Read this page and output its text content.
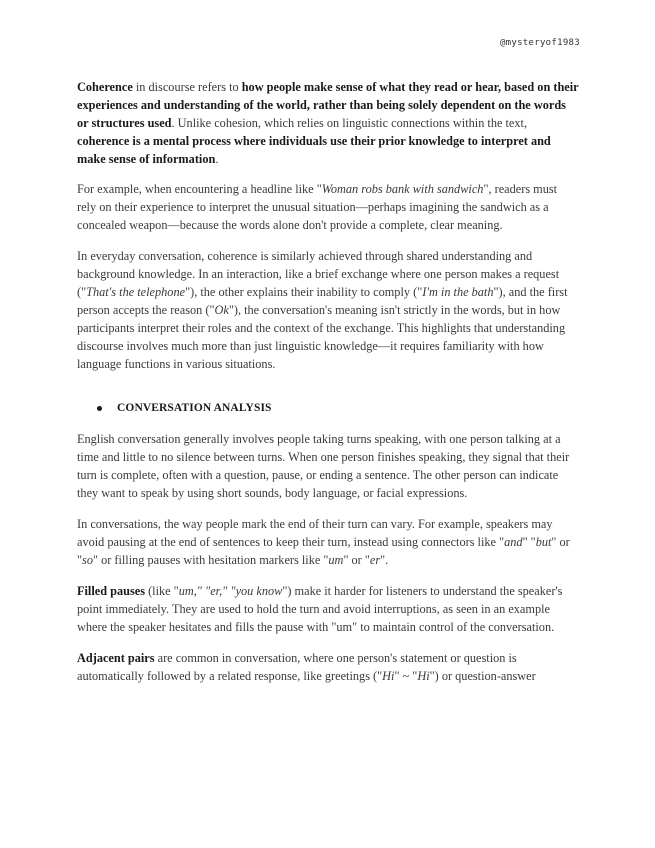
@mysteryof1983

Coherence in discourse refers to how people make sense of what they read or hear, based on their experiences and understanding of the world, rather than being solely dependent on the words or structures used. Unlike cohesion, which relies on linguistic connections within the text, coherence is a mental process where individuals use their prior knowledge to interpret and make sense of information.

For example, when encountering a headline like "Woman robs bank with sandwich", readers must rely on their experience to interpret the unusual situation—perhaps imagining the sandwich as a concealed weapon—because the words alone don't provide a complete, clear meaning.

In everyday conversation, coherence is similarly achieved through shared understanding and background knowledge. In an interaction, like a brief exchange where one person makes a request ("That's the telephone"), the other explains their inability to comply ("I'm in the bath"), and the first person accepts the reason ("Ok"), the conversation's meaning isn't strictly in the words, but in how participants interpret their roles and the context of the exchange. This highlights that understanding discourse involves much more than just linguistic knowledge—it requires familiarity with how language functions in various situations.

CONVERSATION ANALYSIS

English conversation generally involves people taking turns speaking, with one person talking at a time and little to no silence between turns. When one person finishes speaking, they signal that their turn is complete, often with a question, pause, or ending a sentence. The other person can indicate they want to speak by using short sounds, body language, or facial expressions.

In conversations, the way people mark the end of their turn can vary. For example, speakers may avoid pausing at the end of sentences to keep their turn, instead using connectors like "and" "but" or "so" or filling pauses with hesitation markers like "um" or "er".

Filled pauses (like "um," "er," "you know") make it harder for listeners to understand the speaker's point immediately. They are used to hold the turn and avoid interruptions, as seen in an example where the speaker hesitates and fills the pause with "um" to maintain control of the conversation.

Adjacent pairs are common in conversation, where one person's statement or question is automatically followed by a related response, like greetings ("Hi" ~ "Hi") or question-answer
